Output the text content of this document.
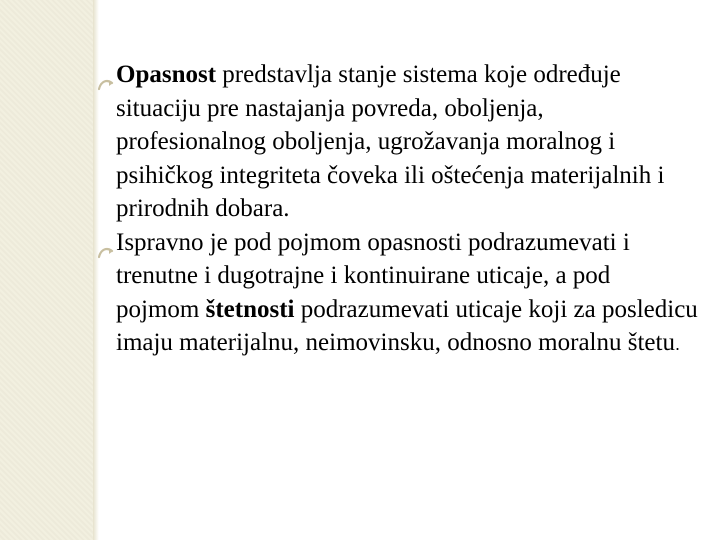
Opasnost predstavlja stanje sistema koje određuje situaciju pre nastajanja povreda, oboljenja, profesionalnog oboljenja, ugrožavanja moralnog i psihičkog integriteta čoveka ili oštećenja materijalnih i prirodnih dobara.

Ispravno je pod pojmom opasnosti podrazumevati i trenutne i dugotrajne i kontinuirane uticaje, a pod pojmom štetnosti podrazumevati uticaje koji za posledicu imaju materijalnu, neimovinsku, odnosno moralnu štetu.
